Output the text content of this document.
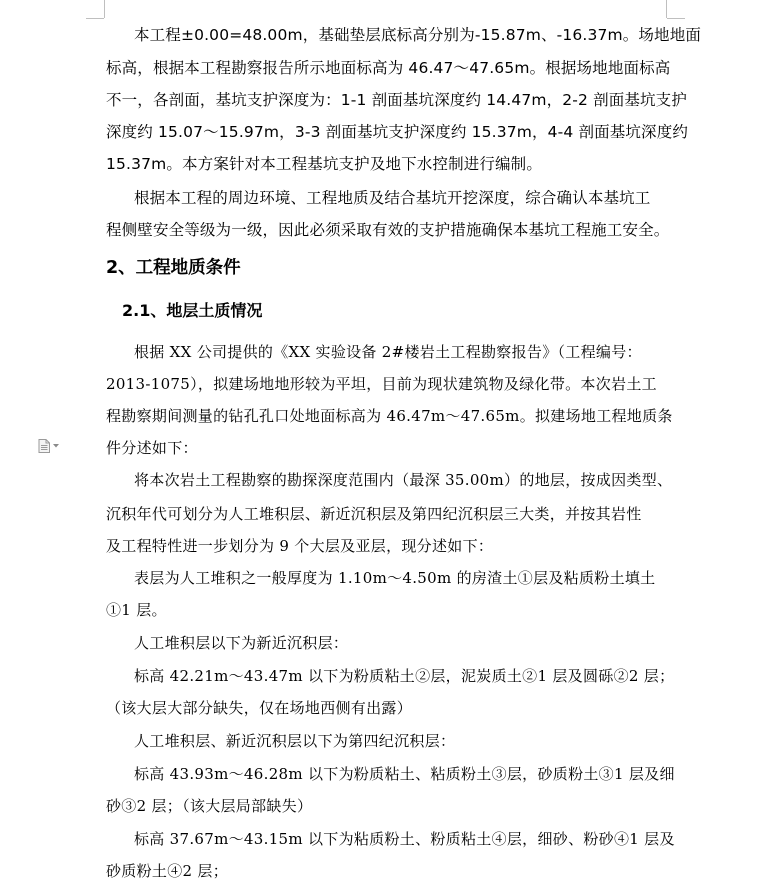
本工程±0.00=48.00m，基础垫层底标高分别为-15.87m、-16.37m。场地地面
标高，根据本工程勘察报告所示地面标高为 46.47～47.65m。根据场地地面标高
不一，各剖面，基坑支护深度为：1-1 剖面基坑深度约 14.47m，2-2 剖面基坑支护
深度约 15.07～15.97m，3-3 剖面基坑支护深度约 15.37m，4-4 剖面基坑深度约
15.37m。本方案针对本工程基坑支护及地下水控制进行编制。
根据本工程的周边环境、工程地质及结合基坑开挖深度，综合确认本基坑工
程侧壁安全等级为一级，因此必须采取有效的支护措施确保本基坑工程施工安全。
2、工程地质条件
2.1、地层土质情况
根据 XX 公司提供的《XX 实验设备 2#楼岩土工程勘察报告》（工程编号：
2013-1075），拟建场地地形较为平坦，目前为现状建筑物及绿化带。本次岩土工
程勘察期间测量的钻孔孔口处地面标高为 46.47m～47.65m。拟建场地工程地质条
件分述如下：
将本次岩土工程勘察的勘探深度范围内（最深 35.00m）的地层，按成因类型、
沉积年代可划分为人工堆积层、新近沉积层及第四纪沉积层三大类，并按其岩性
及工程特性进一步划分为 9 个大层及亚层，现分述如下：
表层为人工堆积之一般厚度为 1.10m～4.50m 的房渣土①层及粘质粉土填土
①1 层。
人工堆积层以下为新近沉积层：
标高 42.21m～43.47m 以下为粉质粘土②层，泥炭质土②1 层及圆砾②2 层；
（该大层大部分缺失，仅在场地西侧有出露）
人工堆积层、新近沉积层以下为第四纪沉积层：
标高 43.93m～46.28m 以下为粉质粘土、粘质粉土③层，砂质粉土③1 层及细
砂③2 层；（该大层局部缺失）
标高 37.67m～43.15m 以下为粘质粉土、粉质粘土④层，细砂、粉砂④1 层及
砂质粉土④2 层；
